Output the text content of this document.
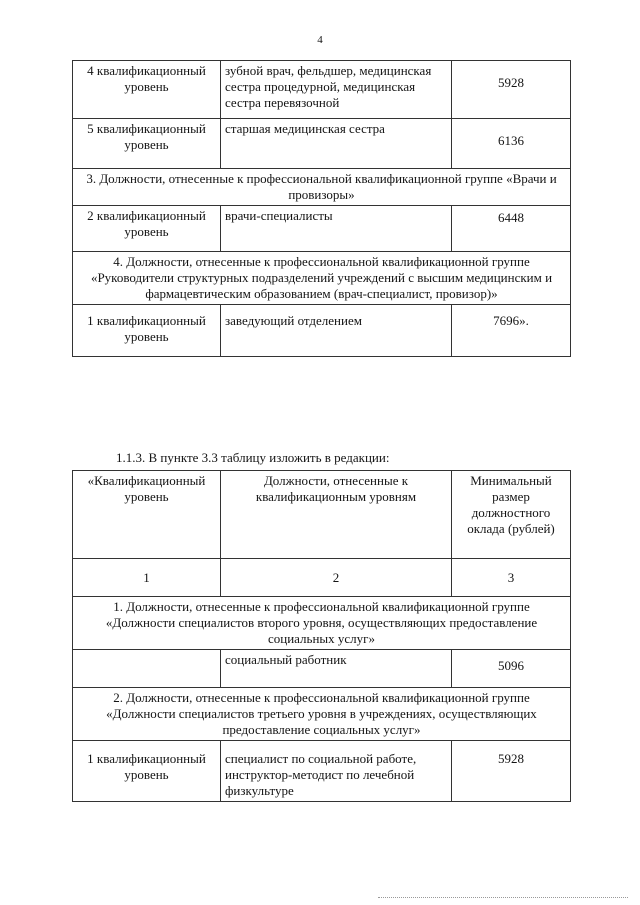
4
4 квалификационный уровень	зубной врач, фельдшер, медицинская сестра процедурной, медицинская сестра перевязочной	5928
5 квалификационный уровень	старшая медицинская сестра	6136
3. Должности, отнесенные к профессиональной квалификационной группе «Врачи и провизоры»		
2 квалификационный уровень	врачи-специалисты	6448
4. Должности, отнесенные к профессиональной квалификационной группе «Руководители структурных подразделений учреждений с высшим медицинским и фармацевтическим образованием (врач-специалист, провизор)»		
1 квалификационный уровень	заведующий отделением	7696».
1.1.3. В пункте 3.3 таблицу изложить в редакции:
«Квалификационный уровень	Должности, отнесенные к квалификационным уровням	Минимальный размер должностного оклада (рублей)
1	2	3
1. Должности, отнесенные к профессиональной квалификационной группе «Должности специалистов второго уровня, осуществляющих предоставление социальных услуг»		
	социальный работник	5096
2. Должности, отнесенные к профессиональной квалификационной группе «Должности специалистов третьего уровня в учреждениях, осуществляющих предоставление социальных услуг»		
1 квалификационный уровень	специалист по социальной работе, инструктор-методист по лечебной физкультуре	5928
